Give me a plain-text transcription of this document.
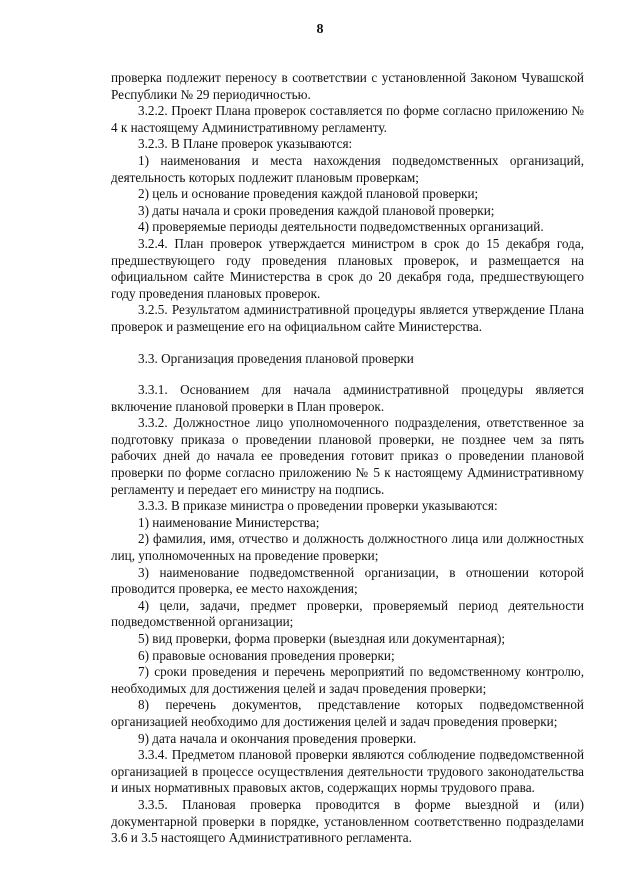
8

проверка подлежит переносу в соответствии с установленной Законом Чувашской Республики № 29 периодичностью.

3.2.2. Проект Плана проверок составляется по форме согласно приложению № 4 к настоящему Административному регламенту.

3.2.3. В Плане проверок указываются:

1) наименования и места нахождения подведомственных организаций, деятельность которых подлежит плановым проверкам;

2) цель и основание проведения каждой плановой проверки;

3) даты начала и сроки проведения каждой плановой проверки;

4) проверяемые периоды деятельности подведомственных организаций.

3.2.4. План проверок утверждается министром в срок до 15 декабря года, предшествующего году проведения плановых проверок, и размещается на официальном сайте Министерства в срок до 20 декабря года, предшествующего году проведения плановых проверок.

3.2.5. Результатом административной процедуры является утверждение Плана проверок и размещение его на официальном сайте Министерства.

3.3. Организация проведения плановой проверки

3.3.1. Основанием для начала административной процедуры является включение плановой проверки в План проверок.

3.3.2. Должностное лицо уполномоченного подразделения, ответственное за подготовку приказа о проведении плановой проверки, не позднее чем за пять рабочих дней до начала ее проведения готовит приказ о проведении плановой проверки по форме согласно приложению № 5 к настоящему Административному регламенту и передает его министру на подпись.

3.3.3. В приказе министра о проведении проверки указываются:

1) наименование Министерства;

2) фамилия, имя, отчество и должность должностного лица или должностных лиц, уполномоченных на проведение проверки;

3) наименование подведомственной организации, в отношении которой проводится проверка, ее место нахождения;

4) цели, задачи, предмет проверки, проверяемый период деятельности подведомственной организации;

5) вид проверки, форма проверки (выездная или документарная);

6) правовые основания проведения проверки;

7) сроки проведения и перечень мероприятий по ведомственному контролю, необходимых для достижения целей и задач проведения проверки;

8) перечень документов, представление которых подведомственной организацией необходимо для достижения целей и задач проведения проверки;

9) дата начала и окончания проведения проверки.

3.3.4. Предметом плановой проверки являются соблюдение подведомственной организацией в процессе осуществления деятельности трудового законодательства и иных нормативных правовых актов, содержащих нормы трудового права.

3.3.5. Плановая проверка проводится в форме выездной и (или) документарной проверки в порядке, установленном соответственно подразделами 3.6 и 3.5 настоящего Административного регламента.
